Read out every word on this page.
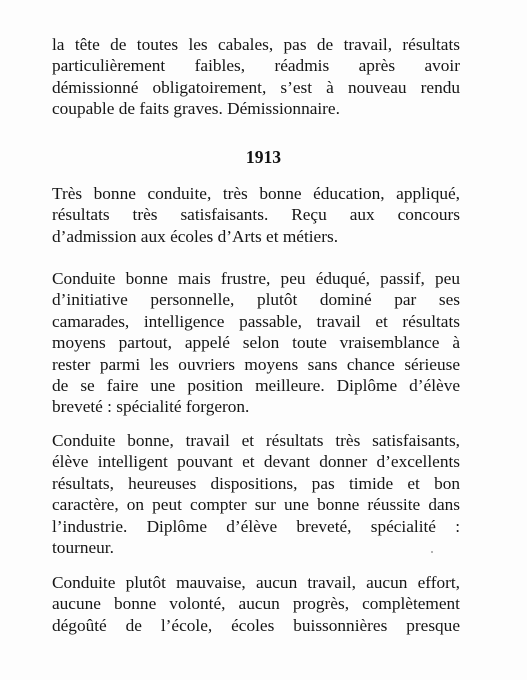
la tête de toutes les cabales, pas de travail, résultats
particulièrement faibles, réadmis après avoir
démissionné obligatoirement, s’est à nouveau rendu
coupable de faits graves. Démissionnaire.
1913
Très bonne conduite, très bonne éducation, appliqué,
résultats très satisfaisants. Reçu aux concours
d’admission aux écoles d’Arts et métiers.
Conduite bonne mais frustre, peu éduqué, passif, peu
d’initiative personnelle, plutôt dominé par ses
camarades, intelligence passable, travail et résultats
moyens partout, appelé selon toute vraisemblance à
rester parmi les ouvriers moyens sans chance sérieuse
de se faire une position meilleure. Diplôme d’élève
breveté : spécialité forgeron.
Conduite bonne, travail et résultats très satisfaisants,
élève intelligent pouvant et devant donner d’excellents
résultats, heureuses dispositions, pas timide et bon
caractère, on peut compter sur une bonne réussite dans
l’industrie. Diplôme d’élève breveté, spécialité :
tourneur.
Conduite plutôt mauvaise, aucun travail, aucun effort,
aucune bonne volonté, aucun progrès, complètement
dégoûté de l’école, écoles buissonnières presque
